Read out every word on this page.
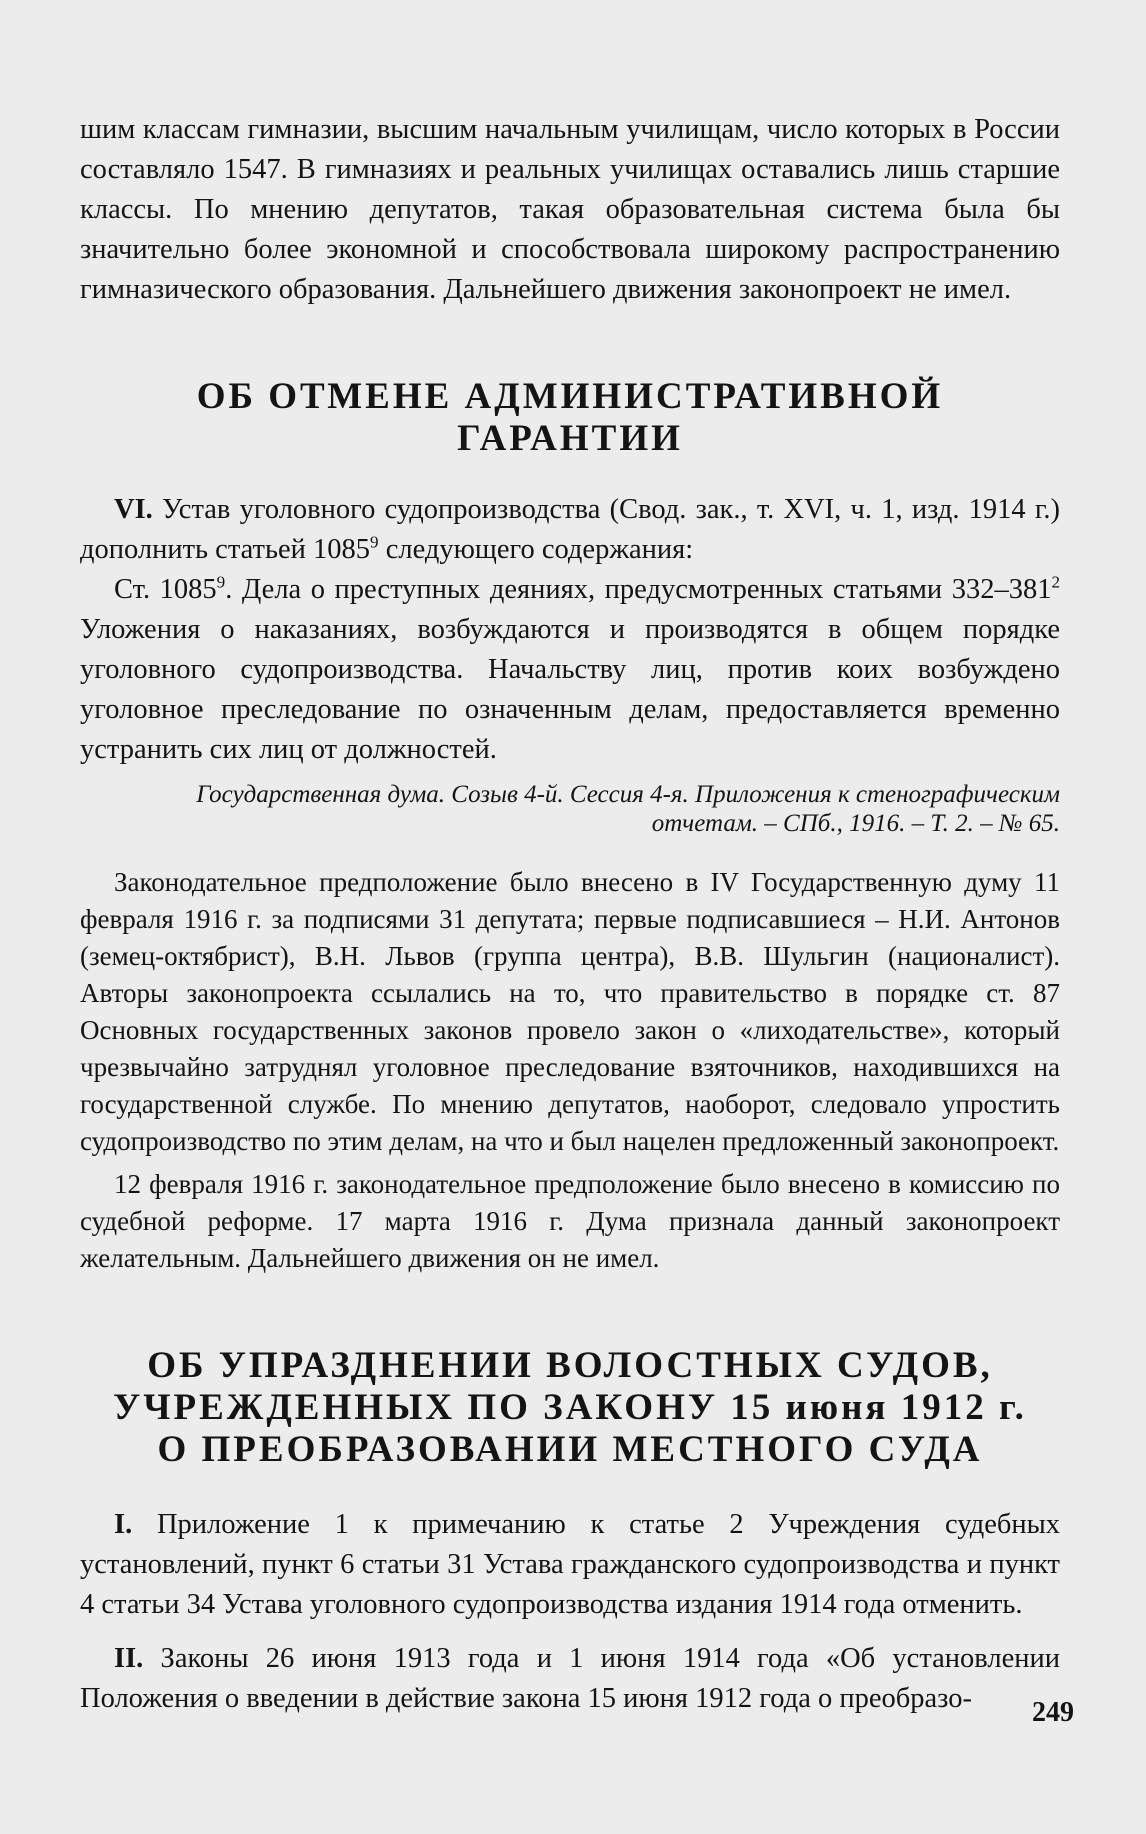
шим классам гимназии, высшим начальным училищам, число которых в России составляло 1547. В гимназиях и реальных училищах оставались лишь старшие классы. По мнению депутатов, такая образовательная система была бы значительно более экономной и способствовала широкому распространению гимназического образования. Дальнейшего движения законопроект не имел.

ОБ ОТМЕНЕ АДМИНИСТРАТИВНОЙ ГАРАНТИИ

VI. Устав уголовного судопроизводства (Свод. зак., т. XVI, ч. 1, изд. 1914 г.) дополнить статьей 1085$^9$ следующего содержания:

Ст. 1085$^9$. Дела о преступных деяниях, предусмотренных статьями $332-381^2$ Уложения о наказаниях, возбуждаются и производятся в общем порядке уголовного судопроизводства. Начальству лиц, против коих возбуждено уголовное преследование по означенным делам, предоставляется временно устранить сих лиц от должностей.

Государственная дума. Созыв 4-й. Сессия 4-я. Приложения к стенографическим
отчетам. – СПб., 1916. – Т. 2. – № 65.

Законодательное предположение было внесено в IV Государственную думу 11 февраля 1916 г. за подписями 31 депутата; первые подписавшиеся – Н.И. Антонов (земец-октябрист), В.Н. Львов (группа центра), В.В. Шульгин (националист). Авторы законопроекта ссылались на то, что правительство в порядке ст. 87 Основных государственных законов провело закон о «лиходательстве», который чрезвычайно затруднял уголовное преследование взяточников, находившихся на государственной службе. По мнению депутатов, наоборот, следовало упростить судопроизводство по этим делам, на что и был нацелен предложенный законопроект.

12 февраля 1916 г. законодательное предположение было внесено в комиссию по судебной реформе. 17 марта 1916 г. Дума признала данный законопроект желательным. Дальнейшего движения он не имел.

ОБ УПРАЗДНЕНИИ ВОЛОСТНЫХ СУДОВ,
УЧРЕЖДЕННЫХ ПО ЗАКОНУ 15 июня 1912 г.
О ПРЕОБРАЗОВАНИИ МЕСТНОГО СУДА

I. Приложение 1 к примечанию к статье 2 Учреждения судебных установлений, пункт 6 статьи 31 Устава гражданского судопроизводства и пункт 4 статьи 34 Устава уголовного судопроизводства издания 1914 года отменить.

II. Законы 26 июня 1913 года и 1 июня 1914 года «Об установлении Положения о введении в действие закона 15 июня 1912 года о преобразо-	249
